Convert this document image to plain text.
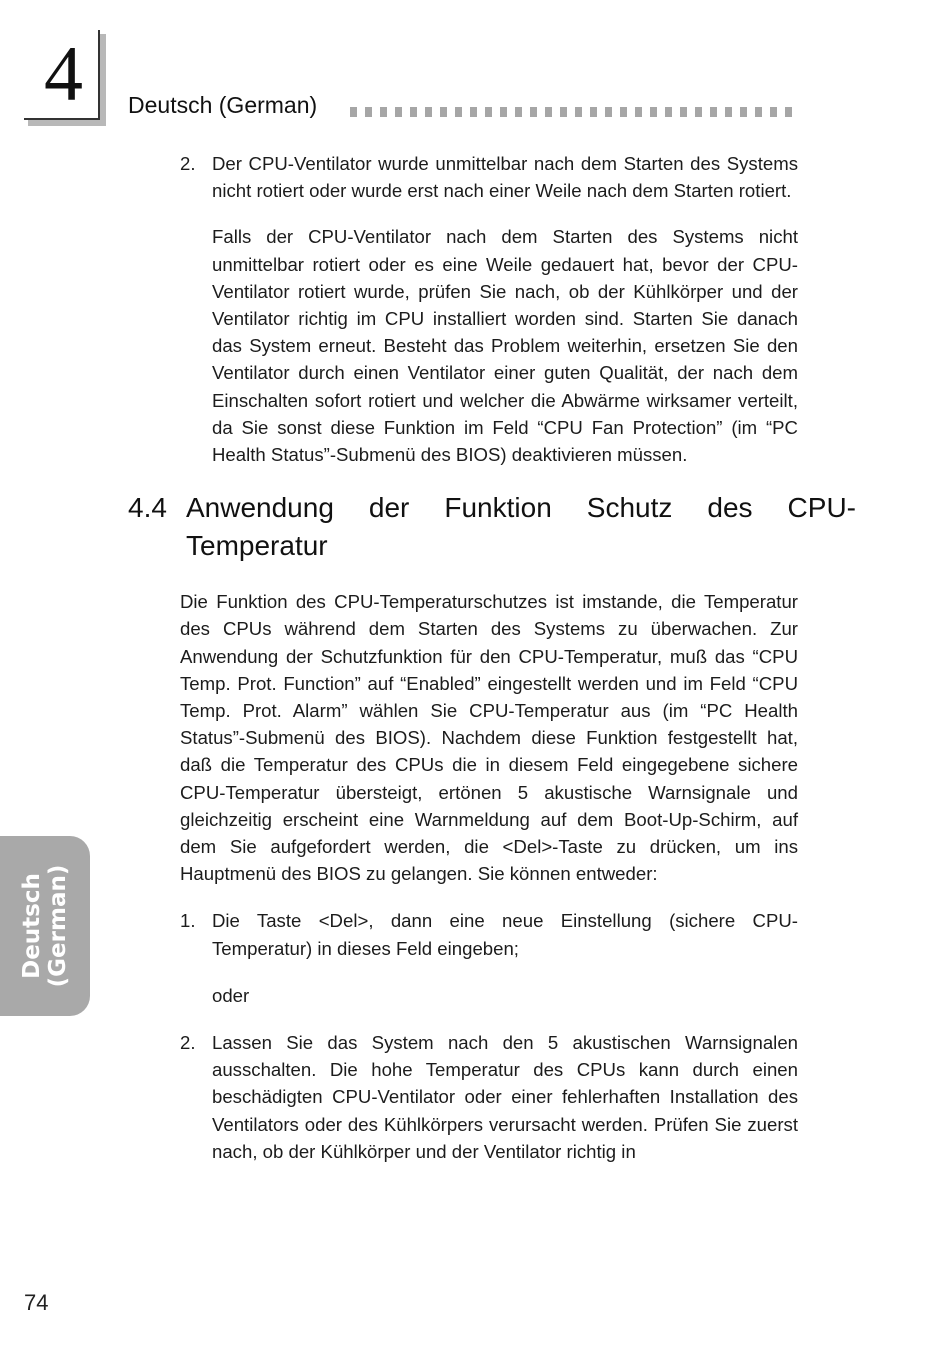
4 Deutsch (German)
2. Der CPU-Ventilator wurde unmittelbar nach dem Starten des Systems nicht rotiert oder wurde erst nach einer Weile nach dem Starten rotiert.

Falls der CPU-Ventilator nach dem Starten des Systems nicht unmittelbar rotiert oder es eine Weile gedauert hat, bevor der CPU-Ventilator rotiert wurde, prüfen Sie nach, ob der Kühlkörper und der Ventilator richtig im CPU installiert worden sind. Starten Sie danach das System erneut. Besteht das Problem weiterhin, ersetzen Sie den Ventilator durch einen Ventilator einer guten Qualität, der nach dem Einschalten sofort rotiert und welcher die Abwärme wirksamer verteilt, da Sie sonst diese Funktion im Feld “CPU Fan Protection” (im “PC Health Status”-Submenü des BIOS) deaktivieren müssen.

4.4 Anwendung der Funktion Schutz des CPU-Temperatur

Die Funktion des CPU-Temperaturschutzes ist imstande, die Temperatur des CPUs während dem Starten des Systems zu überwachen. Zur Anwendung der Schutzfunktion für den CPU-Temperatur, muß das “CPU Temp. Prot. Function” auf “Enabled” eingestellt werden und im Feld “CPU Temp. Prot. Alarm” wählen Sie CPU-Temperatur aus (im “PC Health Status”-Submenü des BIOS). Nachdem diese Funktion festgestellt hat, daß die Temperatur des CPUs die in diesem Feld eingegebene sichere CPU-Temperatur übersteigt, ertönen 5 akustische Warnsignale und gleichzeitig erscheint eine Warnmeldung auf dem Boot-Up-Schirm, auf dem Sie aufgefordert werden, die <Del>-Taste zu drücken, um ins Hauptmenü des BIOS zu gelangen. Sie können entweder:

1. Die Taste <Del>, dann eine neue Einstellung (sichere CPU-Temperatur) in dieses Feld eingeben;

oder

2. Lassen Sie das System nach den 5 akustischen Warnsignalen ausschalten. Die hohe Temperatur des CPUs kann durch einen beschädigten CPU-Ventilator oder einer fehlerhaften Installation des Ventilators oder des Kühlkörpers verursacht werden. Prüfen Sie zuerst nach, ob der Kühlkörper und der Ventilator richtig in

Deutsch (German)
74
